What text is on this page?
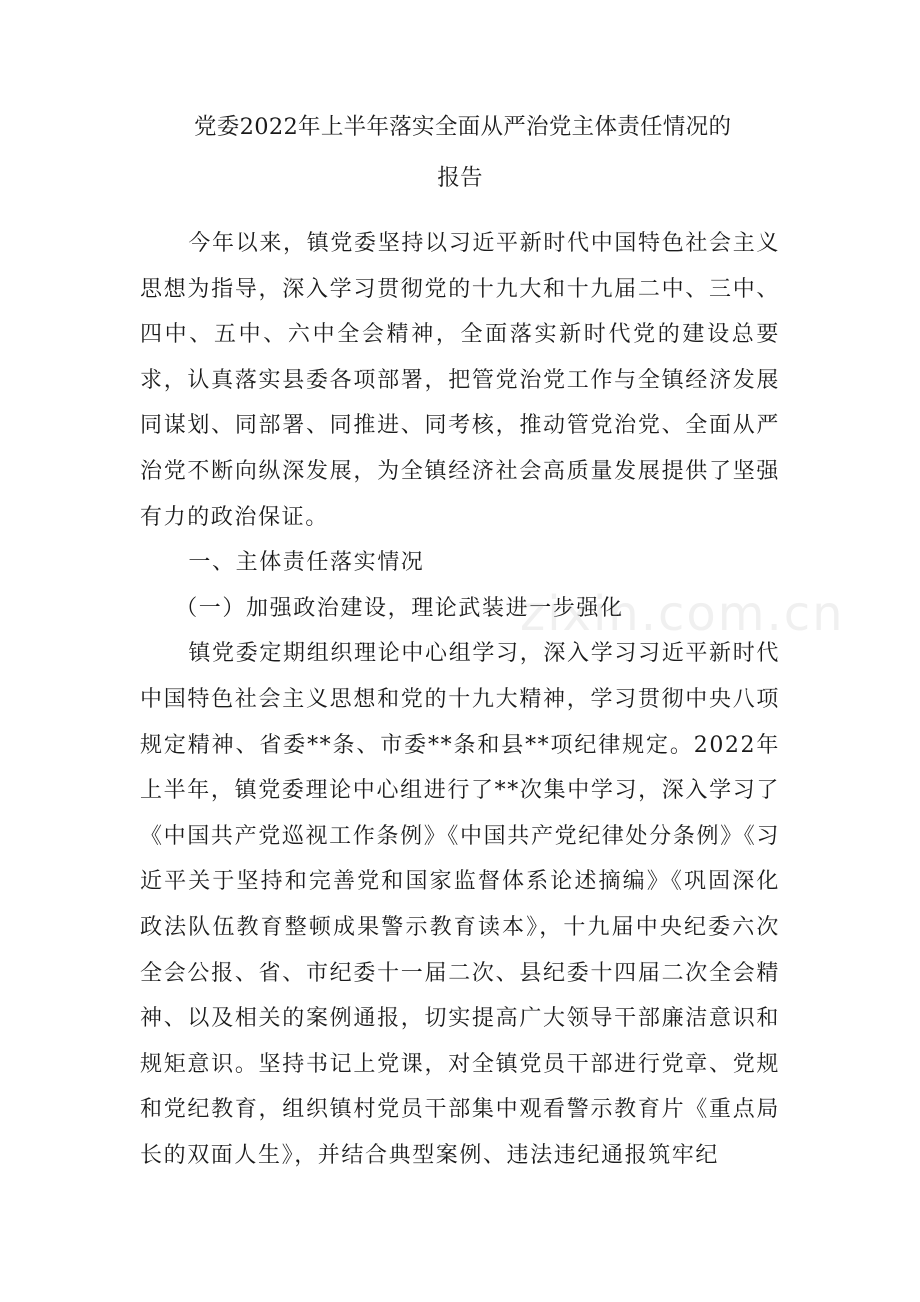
党委2022年上半年落实全面从严治党主体责任情况的
报告

今年以来，镇党委坚持以习近平新时代中国特色社会主义思想为指导，深入学习贯彻党的十九大和十九届二中、三中、四中、五中、六中全会精神，全面落实新时代党的建设总要求，认真落实县委各项部署，把管党治党工作与全镇经济发展同谋划、同部署、同推进、同考核，推动管党治党、全面从严治党不断向纵深发展，为全镇经济社会高质量发展提供了坚强有力的政治保证。

一、主体责任落实情况

（一）加强政治建设，理论武装进一步强化

镇党委定期组织理论中心组学习，深入学习习近平新时代中国特色社会主义思想和党的十九大精神，学习贯彻中央八项规定精神、省委**条、市委**条和县**项纪律规定。2022年上半年，镇党委理论中心组进行了**次集中学习，深入学习了《中国共产党巡视工作条例》《中国共产党纪律处分条例》《习近平关于坚持和完善党和国家监督体系论述摘编》《巩固深化政法队伍教育整顿成果警示教育读本》，十九届中央纪委六次全会公报、省、市纪委十一届二次、县纪委十四届二次全会精神、以及相关的案例通报，切实提高广大领导干部廉洁意识和规矩意识。坚持书记上党课，对全镇党员干部进行党章、党规和党纪教育，组织镇村党员干部集中观看警示教育片《重点局长的双面人生》，并结合典型案例、违法违纪通报筑牢纪

zixin.com.cn
